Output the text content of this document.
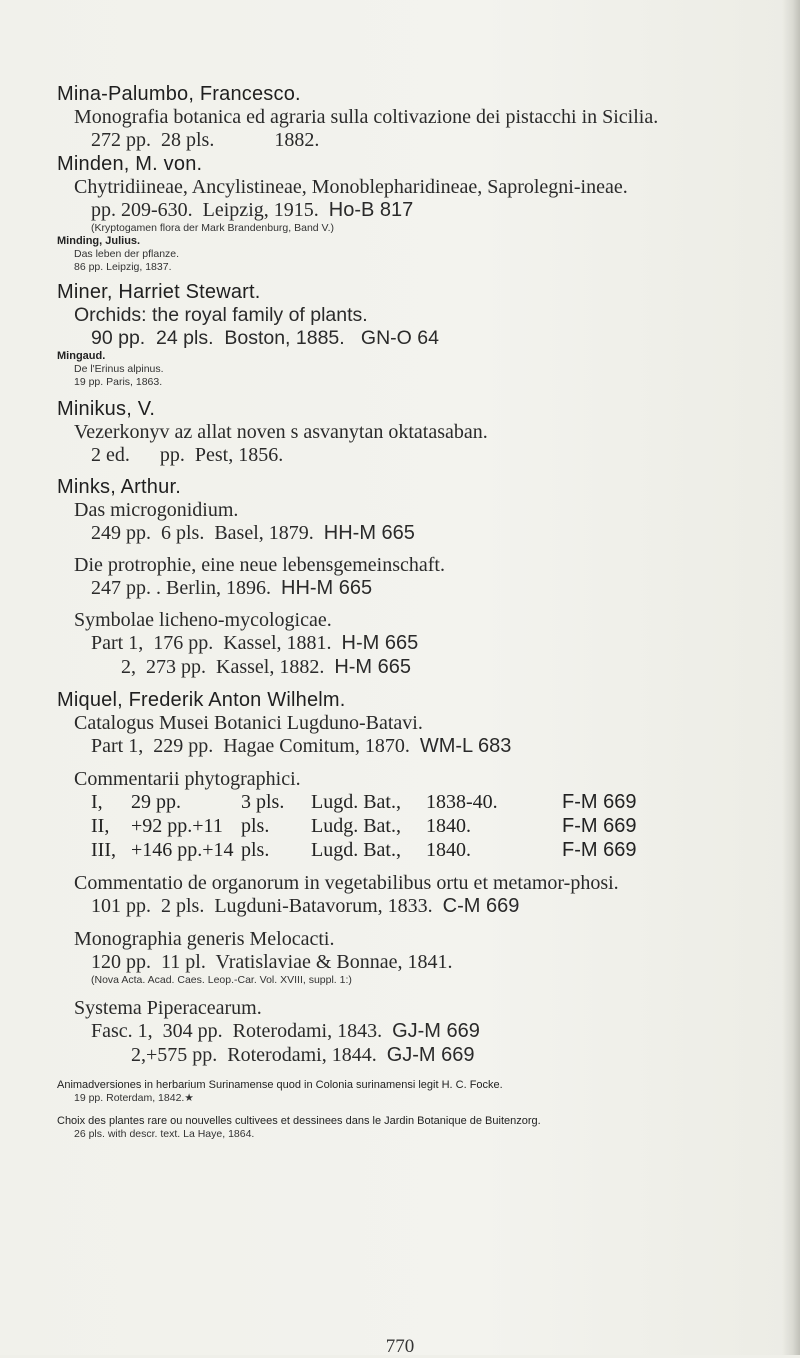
Mina-Palumbo, Francesco.

Monografia botanica ed agraria sulla coltivazione dei pistacchi in Sicilia.

272 pp.  28 pls.            1882.

Minden, M. von.

Chytridiineae, Ancylistineae, Monoblepharidineae, Saprolegni-ineae.

pp. 209-630.  Leipzig, 1915.  Ho-B 817

(Kryptogamen flora der Mark Brandenburg, Band V.)

Minding, Julius.

Das leben der pflanze.

86 pp. Leipzig, 1837.

Miner, Harriet Stewart.

Orchids: the royal family of plants.

90 pp.  24 pls.  Boston, 1885.   GN-O 64

Mingaud.

De l'Erinus alpinus.

19 pp. Paris, 1863.

Minikus, V.

Vezerkonyv az allat noven s asvanytan oktatasaban.

2 ed.      pp.  Pest, 1856.

Minks, Arthur.

Das microgonidium.

249 pp.  6 pls.  Basel, 1879.  HH-M 665

Die protrophie, eine neue lebensgemeinschaft.

247 pp. . Berlin, 1896.  HH-M 665

Symbolae licheno-mycologicae.

Part 1,  176 pp.  Kassel, 1881.  H-M 665

2,  273 pp.  Kassel, 1882.  H-M 665

Miquel, Frederik Anton Wilhelm.

Catalogus Musei Botanici Lugduno-Batavi.

Part 1,  229 pp.  Hagae Comitum, 1870.  WM-L 683

Commentarii phytographici.

I,	29 pp.	3 pls.	Lugd. Bat.,	1838-40.	F-M 669
II,	+92 pp.+11 pls.	Ludg. Bat.,	1840.	F-M 669
III, +146 pp.+14 pls.	Lugd. Bat.,	1840.	F-M 669

Commentatio de organorum in vegetabilibus ortu et metamor-phosi.

101 pp.  2 pls.  Lugduni-Batavorum, 1833.  C-M 669

Monographia generis Melocacti.

120 pp.  11 pl.  Vratislaviae & Bonnae, 1841.

(Nova Acta. Acad. Caes. Leop.-Car. Vol. XVIII, suppl. 1:)

Systema Piperacearum.

Fasc. 1,  304 pp.  Roterodami, 1843.  GJ-M 669

2,+575 pp.  Roterodami, 1844.  GJ-M 669

Animadversiones in herbarium Surinamense quod in Colonia surinamensi legit H. C. Focke.

19 pp. Roterdam, 1842.★

Choix des plantes rare ou nouvelles cultivees et dessinees dans le Jardin Botanique de Buitenzorg.

26 pls. with descr. text. La Haye, 1864.

770
